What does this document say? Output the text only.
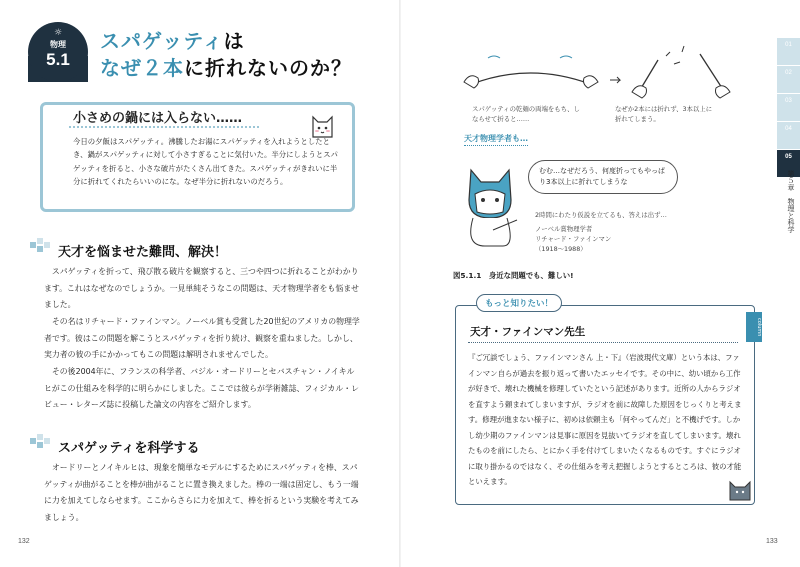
☼
物理
5.1
スパゲッティは
なぜ２本に折れないのか？
小さめの鍋には入らない……
今日の夕飯はスパゲッティ。沸騰したお湯にスパゲッティを入れようとしたとき、鍋がスパゲッティに対して小さすぎることに気付いた。半分にしようとスパゲッティを折ると、小さな破片がたくさん出てきた。スパゲッティがきれいに半分に折れてくれたらいいのにな。なぜ半分に折れないのだろう。
天才を悩ませた難問、解決！
スパゲッティを折って、飛び散る破片を観察すると、三つや四つに折れることがわかります。これはなぜなのでしょうか。一見単純そうなこの問題は、天才物理学者をも悩ませました。
その名はリチャード・ファインマン。ノーベル賞も受賞した20世紀のアメリカの物理学者です。彼はこの問題を解こうとスパゲッティを折り続け、観察を重ねました。しかし、実力者の彼の手にかかってもこの問題は解明されませんでした。
その後2004年に、フランスの科学者、バジル・オードリーとセバスチャン・ノイキルヒがこの仕組みを科学的に明らかにしました。ここでは彼らが学術雑誌、フィジカル・レビュー・レターズ誌に投稿した論文の内容をご紹介します。
スパゲッティを科学する
オードリーとノイキルヒは、現象を簡単なモデルにするためにスパゲッティを棒、スパゲッティが曲がることを棒が曲がることに置き換えました。棒の一端は固定し、もう一端に力を加えてしならせます。ここからさらに力を加えて、棒を折るという実験を考えてみましょう。
132
スパゲッティの乾麺の両端をもち、しならせて折ると……
なぜか2本には折れず、3本以上に折れてしまう。
天才物理学者も…
むむ…なぜだろう、何度折ってもやっぱり3本以上に折れてしまうな
2時間にわたり仮説を立てるも、答えは出ず…
ノーベル賞物理学者
リチャード・ファインマン
（1918～1988）
図5.1.1　身近な問題でも、難しい!
もっと知りたい！
column
天才・ファインマン先生
『ご冗談でしょう、ファインマンさん 上・下』（岩波現代文庫）という本は、ファインマン自らが過去を振り返って書いたエッセイです。その中に、幼い頃から工作が好きで、壊れた機械を修理していたという記述があります。近所の人からラジオを直すよう頼まれてしまいますが、ラジオを前に故障した原因をじっくりと考えます。修理が進まない様子に、初めは依頼主も「何やってんだ」と不機げです。しかし幼少期のファインマンは見事に原因を見抜いてラジオを直してしまいます。壊れたものを前にしたら、とにかく手を付けてしまいたくなるものです。すぐにラジオに取り掛かるのではなく、その仕組みを考え把握しようとするところは、彼の才能といえます。
01
02
03
04
05
第５章　物理と科学
133
